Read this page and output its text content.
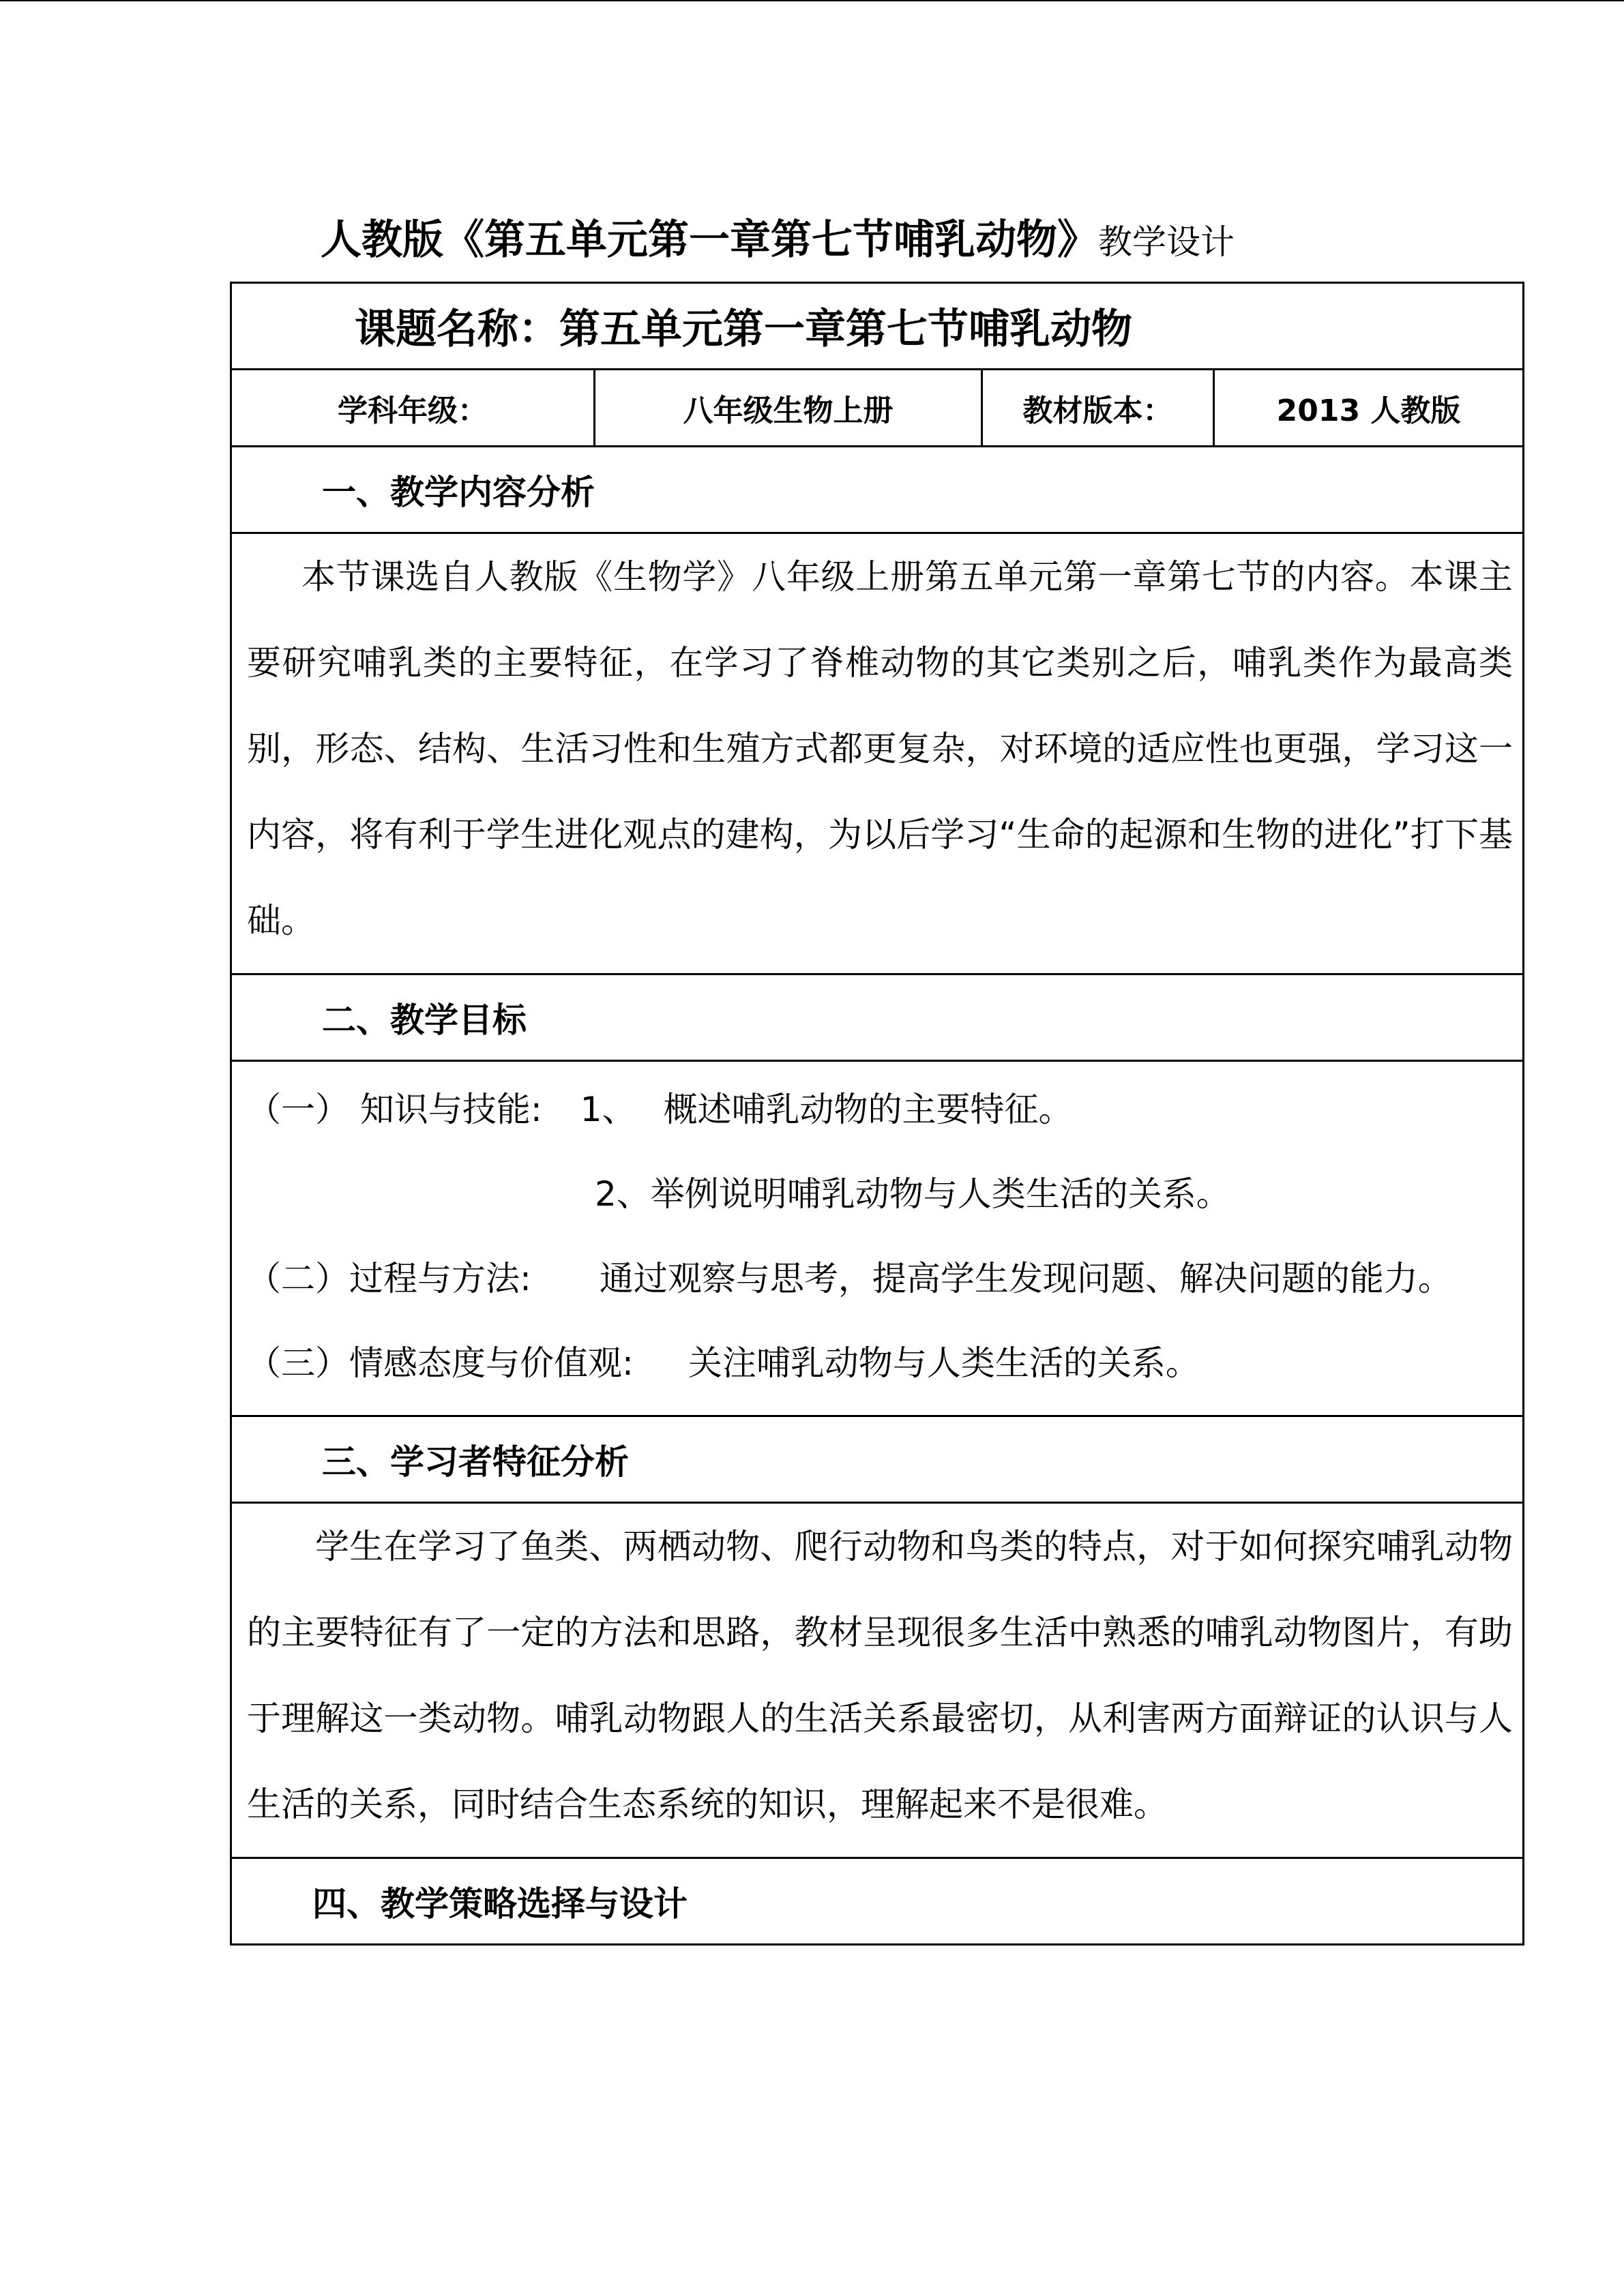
人教版《第五单元第一章第七节哺乳动物》教学设计
课题名称：第五单元第一章第七节哺乳动物
学科年级：	八年级生物上册	教材版本：	2013 人教版
一、教学内容分析

本节课选自人教版《生物学》八年级上册第五单元第一章第七节的内容。本课主要研究哺乳类的主要特征，在学习了脊椎动物的其它类别之后，哺乳类作为最高类别，形态、结构、生活习性和生殖方式都更复杂，对环境的适应性也更强，学习这一内容，将有利于学生进化观点的建构，为以后学习“生命的起源和生物的进化”打下基础。

二、教学目标

（一） 知识与技能: 1、 概述哺乳动物的主要特征。
2、举例说明哺乳动物与人类生活的关系。
（二）过程与方法: 通过观察与思考，提高学生发现问题、解决问题的能力。
（三）情感态度与价值观: 关注哺乳动物与人类生活的关系。

三、学习者特征分析

学生在学习了鱼类、两栖动物、爬行动物和鸟类的特点，对于如何探究哺乳动物的主要特征有了一定的方法和思路，教材呈现很多生活中熟悉的哺乳动物图片，有助于理解这一类动物。哺乳动物跟人的生活关系最密切，从利害两方面辩证的认识与人生活的关系，同时结合生态系统的知识，理解起来不是很难。

四、教学策略选择与设计
